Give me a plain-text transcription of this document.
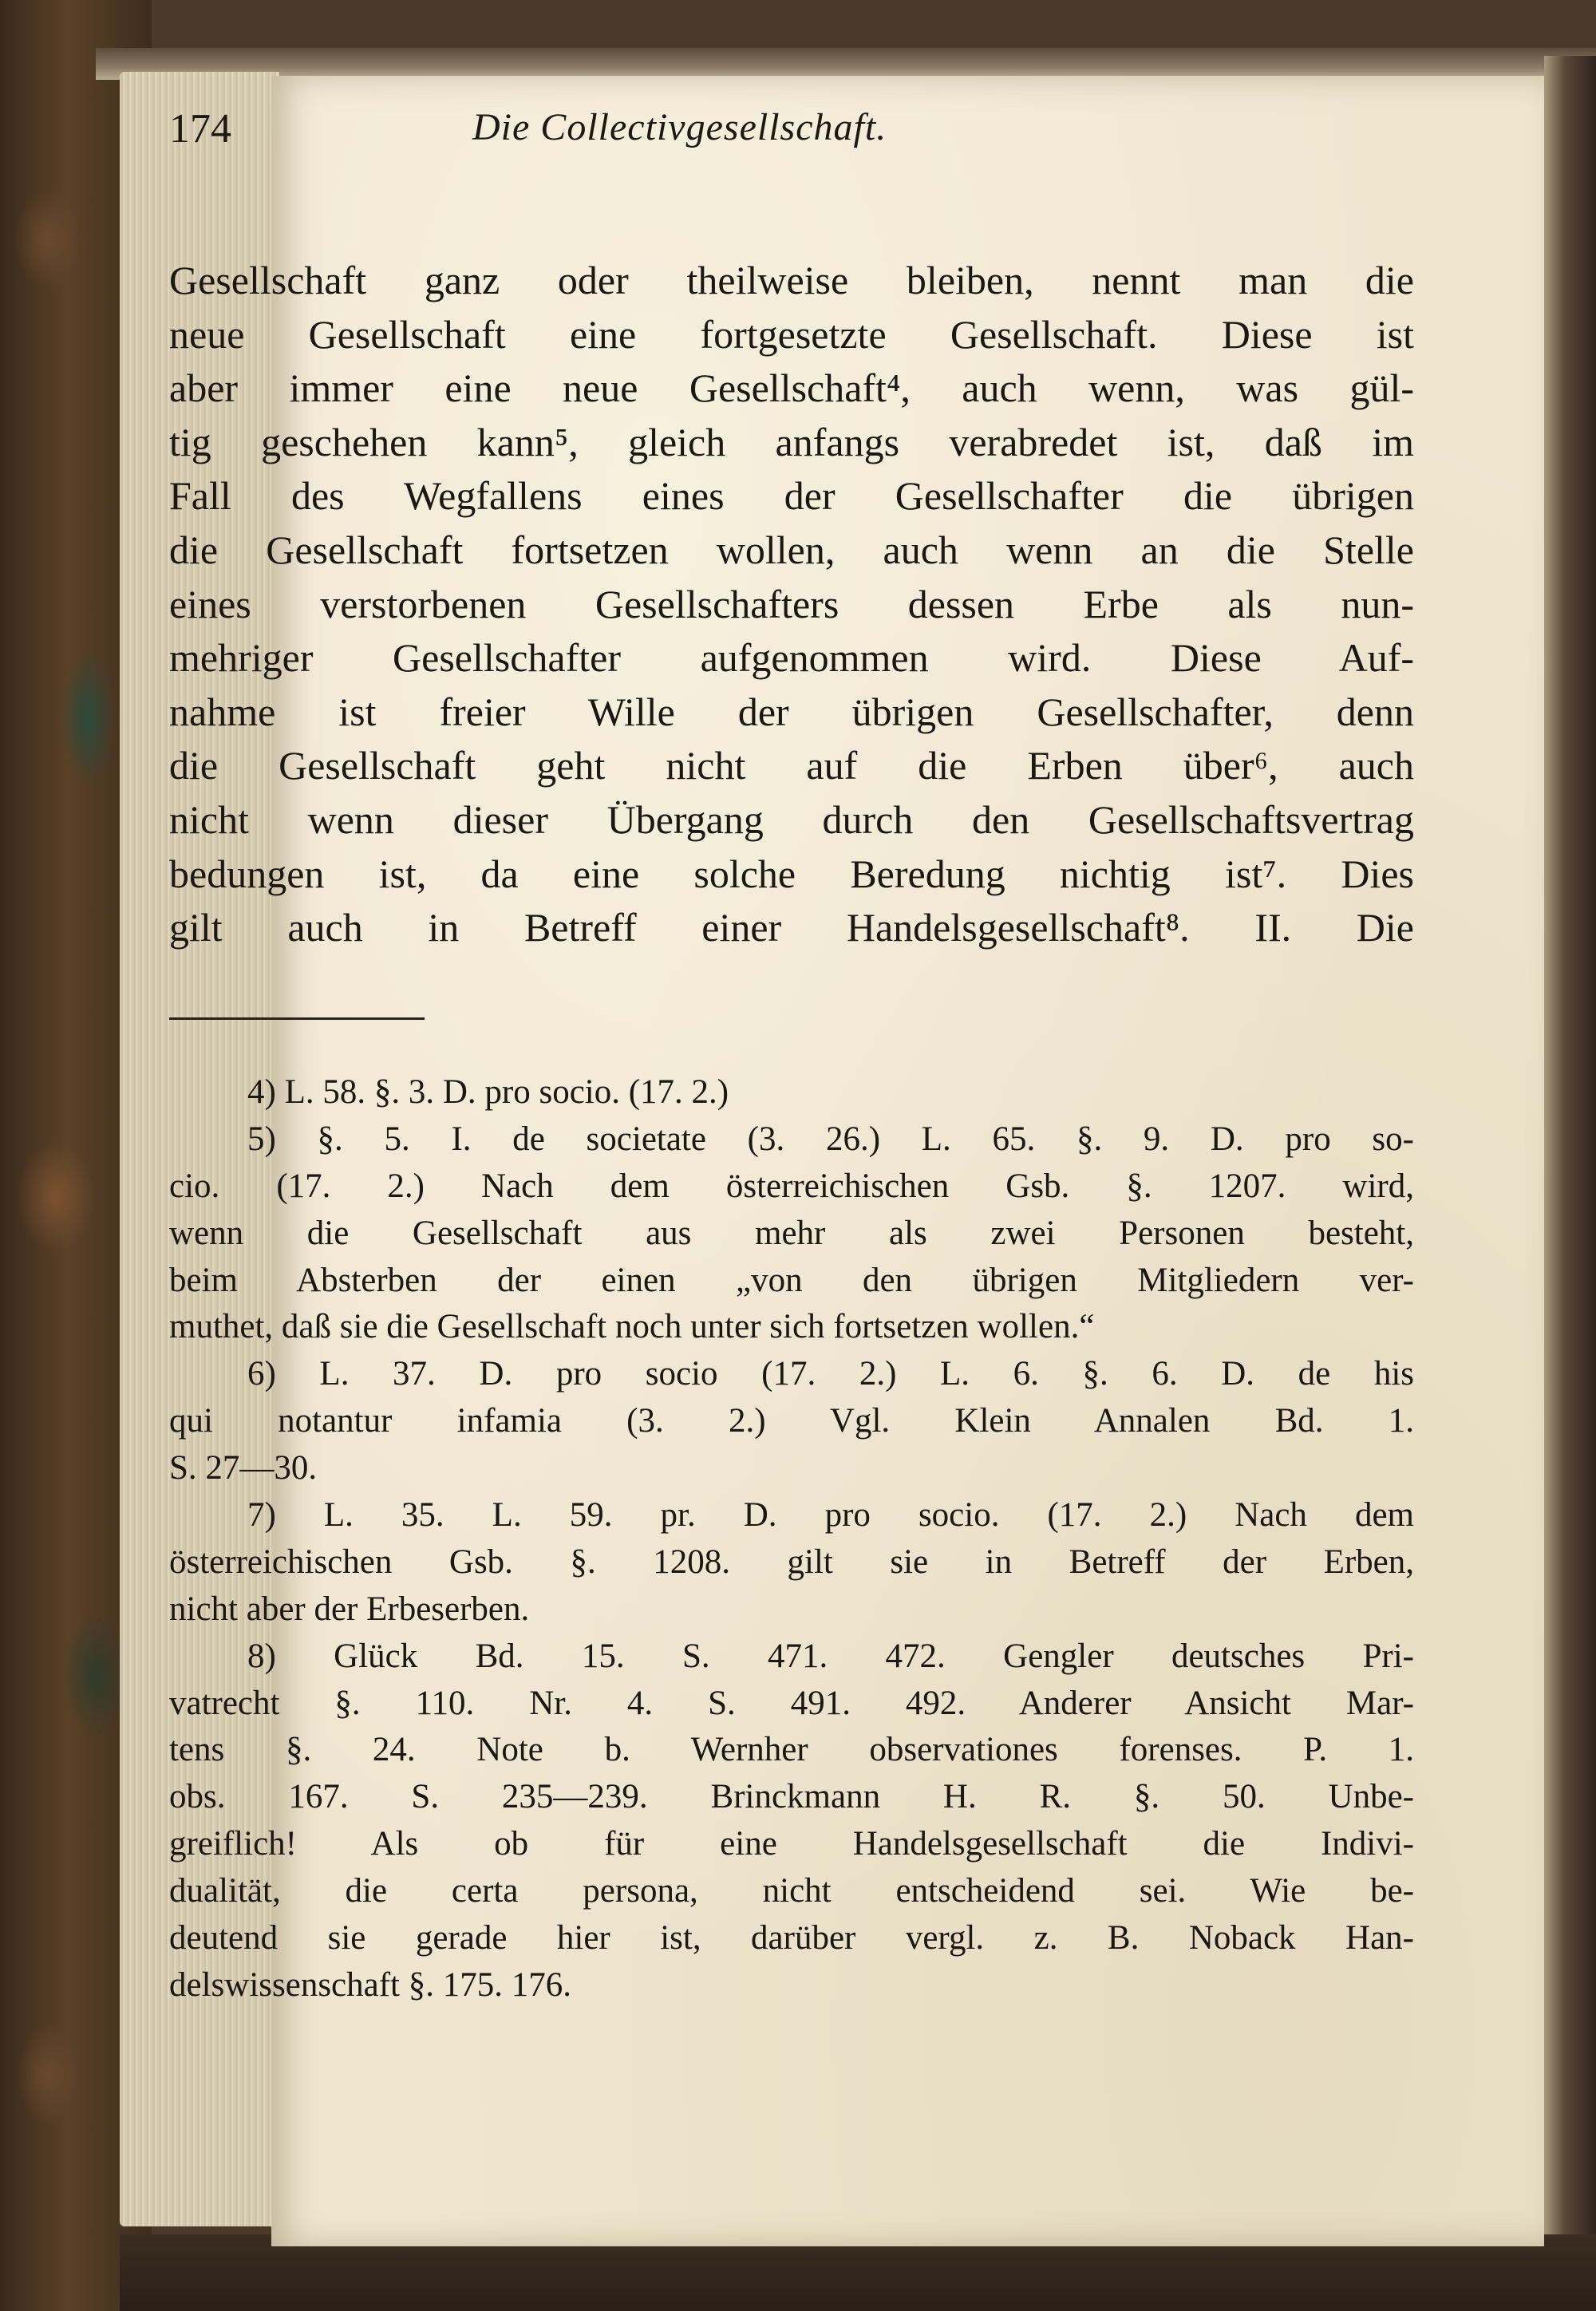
174	Die Collectivgesellschaft.
Gesellschaft ganz oder theilweise bleiben, nennt man die
neue Gesellschaft eine fortgesetzte Gesellschaft. Diese ist
aber immer eine neue Gesellschaft⁴, auch wenn, was gül-
tig geschehen kann⁵, gleich anfangs verabredet ist, daß im
Fall des Wegfallens eines der Gesellschafter die übrigen
die Gesellschaft fortsetzen wollen, auch wenn an die Stelle
eines verstorbenen Gesellschafters dessen Erbe als nun-
mehriger Gesellschafter aufgenommen wird. Diese Auf-
nahme ist freier Wille der übrigen Gesellschafter, denn
die Gesellschaft geht nicht auf die Erben über⁶, auch
nicht wenn dieser Übergang durch den Gesellschaftsvertrag
bedungen ist, da eine solche Beredung nichtig ist⁷. Dies
gilt auch in Betreff einer Handelsgesellschaft⁸. II. Die
4) L. 58. §. 3. D. pro socio. (17. 2.)
5) §. 5. I. de societate (3. 26.) L. 65. §. 9. D. pro so-
cio. (17. 2.) Nach dem österreichischen Gsb. §. 1207. wird,
wenn die Gesellschaft aus mehr als zwei Personen besteht,
beim Absterben der einen „von den übrigen Mitgliedern ver-
muthet, daß sie die Gesellschaft noch unter sich fortsetzen wollen.“
6) L. 37. D. pro socio (17. 2.) L. 6. §. 6. D. de his
qui notantur infamia (3. 2.) Vgl. Klein Annalen Bd. 1.
S. 27—30.
7) L. 35. L. 59. pr. D. pro socio. (17. 2.) Nach dem
österreichischen Gsb. §. 1208. gilt sie in Betreff der Erben,
nicht aber der Erbeserben.
8) Glück Bd. 15. S. 471. 472. Gengler deutsches Pri-
vatrecht §. 110. Nr. 4. S. 491. 492. Anderer Ansicht Mar-
tens §. 24. Note b. Wernher observationes forenses. P. 1.
obs. 167. S. 235—239. Brinckmann H. R. §. 50. Unbe-
greiflich! Als ob für eine Handelsgesellschaft die Indivi-
dualität, die certa persona, nicht entscheidend sei. Wie be-
deutend sie gerade hier ist, darüber vergl. z. B. Noback Han-
delswissenschaft §. 175. 176.
